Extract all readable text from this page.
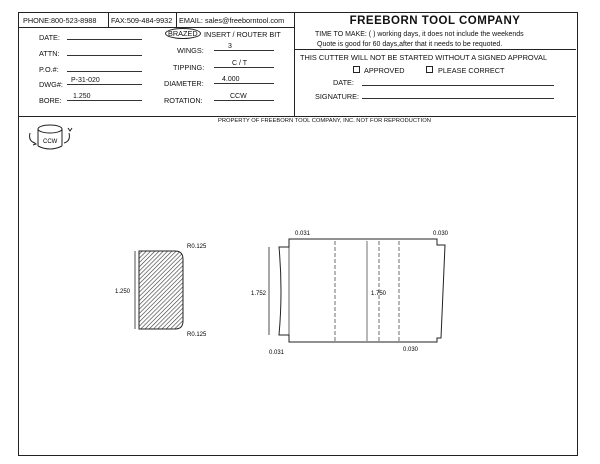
PHONE:800-523-8988 FAX:509-484-9932 EMAIL: sales@freeborntool.com
DATE:
ATTN:
P.O.#:
DWG#:	P-31-020
BORE:	1.250
BRAZED INSERT / ROUTER BIT
WINGS:	3
TIPPING:	C / T
DIAMETER:	4.000
ROTATION:	CCW
FREEBORN TOOL COMPANY
TIME TO MAKE: ( ) working days, it does not include the weekends
Quote is good for 60 days,after that it needs to be requoted.
THIS CUTTER WILL NOT BE STARTED WITHOUT A SIGNED APPROVAL
APPROVED	PLEASE CORRECT
DATE:
SIGNATURE:
PROPERTY OF FREEBORN TOOL COMPANY, INC. NOT FOR REPRODUCTION
CCW
R0.125
R0.125
1.250	1.752	1.750
0.031	0.030
0.031	0.030
